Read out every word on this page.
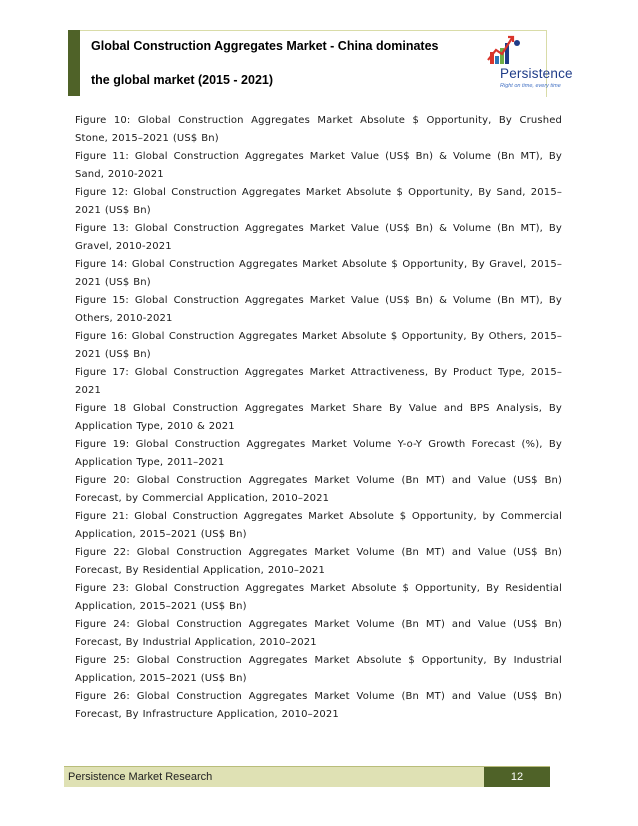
Global Construction Aggregates Market - China dominates
the global market (2015 - 2021)	Persistence
Right on time, every time

Figure 10: Global Construction Aggregates Market Absolute $ Opportunity, By Crushed Stone, 2015–2021 (US$ Bn)

Figure 11: Global Construction Aggregates Market Value (US$ Bn) & Volume (Bn MT), By Sand, 2010-2021

Figure 12: Global Construction Aggregates Market Absolute $ Opportunity, By Sand, 2015–2021 (US$ Bn)

Figure 13: Global Construction Aggregates Market Value (US$ Bn) & Volume (Bn MT), By Gravel, 2010-2021

Figure 14: Global Construction Aggregates Market Absolute $ Opportunity, By Gravel, 2015–2021 (US$ Bn)

Figure 15: Global Construction Aggregates Market Value (US$ Bn) & Volume (Bn MT), By Others, 2010-2021

Figure 16: Global Construction Aggregates Market Absolute $ Opportunity, By Others, 2015–2021 (US$ Bn)

Figure 17: Global Construction Aggregates Market Attractiveness, By Product Type, 2015–2021

Figure 18 Global Construction Aggregates Market Share By Value and BPS Analysis, By Application Type, 2010 & 2021

Figure 19: Global Construction Aggregates Market Volume Y-o-Y Growth Forecast (%), By Application Type, 2011–2021

Figure 20: Global Construction Aggregates Market Volume (Bn MT) and Value (US$ Bn) Forecast, by Commercial Application, 2010–2021

Figure 21: Global Construction Aggregates Market Absolute $ Opportunity, by Commercial Application, 2015–2021 (US$ Bn)

Figure 22: Global Construction Aggregates Market Volume (Bn MT) and Value (US$ Bn) Forecast, By Residential Application, 2010–2021

Figure 23: Global Construction Aggregates Market Absolute $ Opportunity, By Residential Application, 2015–2021 (US$ Bn)

Figure 24: Global Construction Aggregates Market Volume (Bn MT) and Value (US$ Bn) Forecast, By Industrial Application, 2010–2021

Figure 25: Global Construction Aggregates Market Absolute $ Opportunity, By Industrial Application, 2015–2021 (US$ Bn)

Figure 26: Global Construction Aggregates Market Volume (Bn MT) and Value (US$ Bn) Forecast, By Infrastructure Application, 2010–2021

Persistence Market Research	12
